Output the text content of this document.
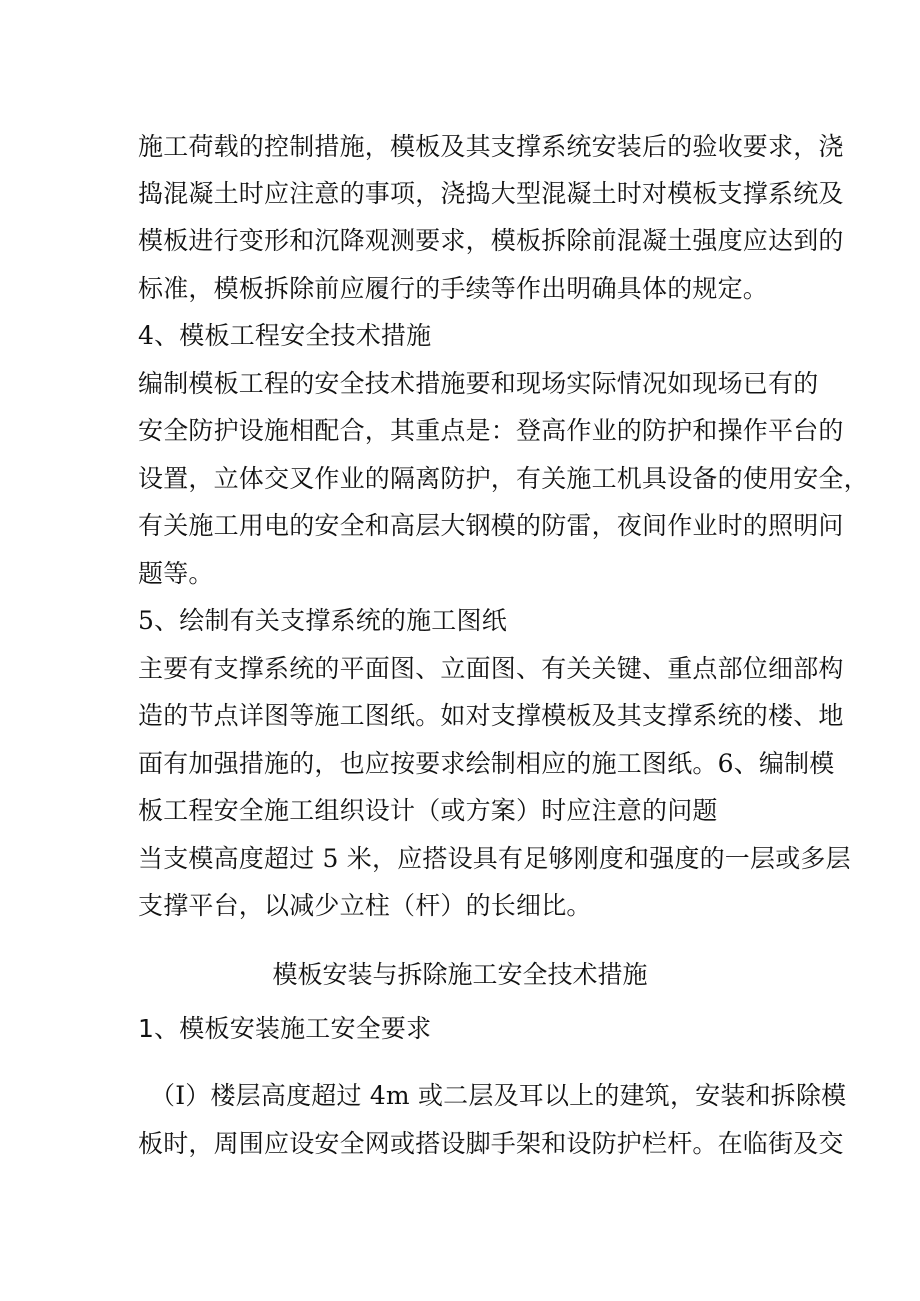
施工荷载的控制措施，模板及其支撑系统安装后的验收要求，浇
捣混凝土时应注意的事项，浇捣大型混凝土时对模板支撑系统及
模板进行变形和沉降观测要求，模板拆除前混凝土强度应达到的
标准，模板拆除前应履行的手续等作出明确具体的规定。
4、模板工程安全技术措施
编制模板工程的安全技术措施要和现场实际情况如现场已有的
安全防护设施相配合，其重点是：登高作业的防护和操作平台的
设置，立体交叉作业的隔离防护，有关施工机具设备的使用安全，
有关施工用电的安全和高层大钢模的防雷，夜间作业时的照明问
题等。
5、绘制有关支撑系统的施工图纸
主要有支撑系统的平面图、立面图、有关关键、重点部位细部构
造的节点详图等施工图纸。如对支撑模板及其支撑系统的楼、地
面有加强措施的，也应按要求绘制相应的施工图纸。6、编制模
板工程安全施工组织设计（或方案）时应注意的问题
当支模高度超过 5 米，应搭设具有足够刚度和强度的一层或多层
支撑平台，以减少立柱（杆）的长细比。
模板安装与拆除施工安全技术措施
1、模板安装施工安全要求
（I）楼层高度超过 4m 或二层及耳以上的建筑，安装和拆除模
板时，周围应设安全网或搭设脚手架和设防护栏杆。在临街及交
